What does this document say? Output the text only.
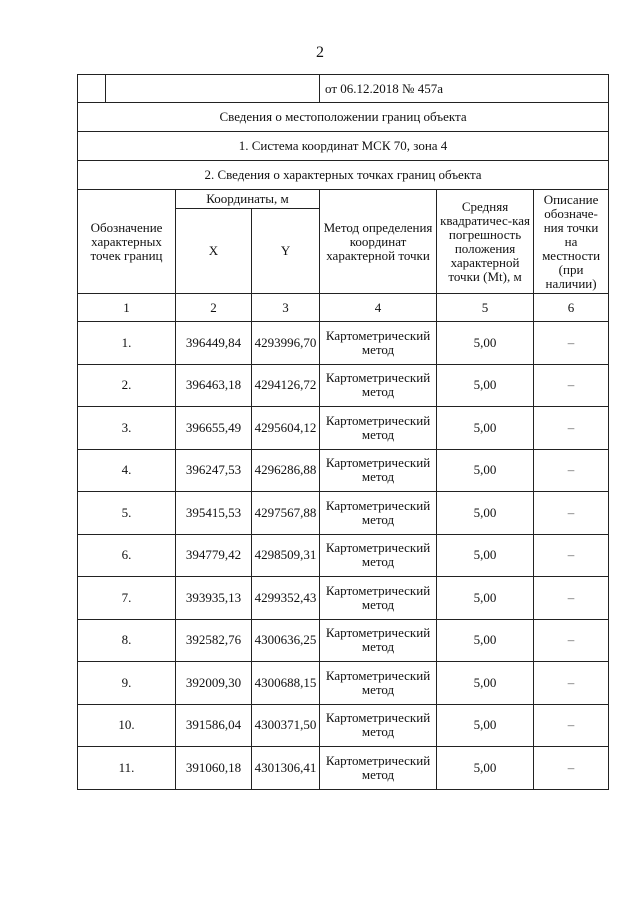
2
				от 06.12.2018 № 457а		
Сведения о местоположении границ объекта						
1. Система координат МСК 70, зона 4						
2. Сведения о характерных точках границ объекта						
Обозначение характерных точек границ		Координаты, м		Метод определения координат характерной точки	Средняя квадратичес-кая погрешность положения характерной точки (Mt), м	Описание обозначе-ния точки на местности (при наличии)
		X	Y			
1		2	3	4	5	6
1.		396449,84	4293996,70	Картометрический метод	5,00	–
2.		396463,18	4294126,72	Картометрический метод	5,00	–
3.		396655,49	4295604,12	Картометрический метод	5,00	–
4.		396247,53	4296286,88	Картометрический метод	5,00	–
5.		395415,53	4297567,88	Картометрический метод	5,00	–
6.		394779,42	4298509,31	Картометрический метод	5,00	–
7.		393935,13	4299352,43	Картометрический метод	5,00	–
8.		392582,76	4300636,25	Картометрический метод	5,00	–
9.		392009,30	4300688,15	Картометрический метод	5,00	–
10.		391586,04	4300371,50	Картометрический метод	5,00	–
11.		391060,18	4301306,41	Картометрический метод	5,00	–
